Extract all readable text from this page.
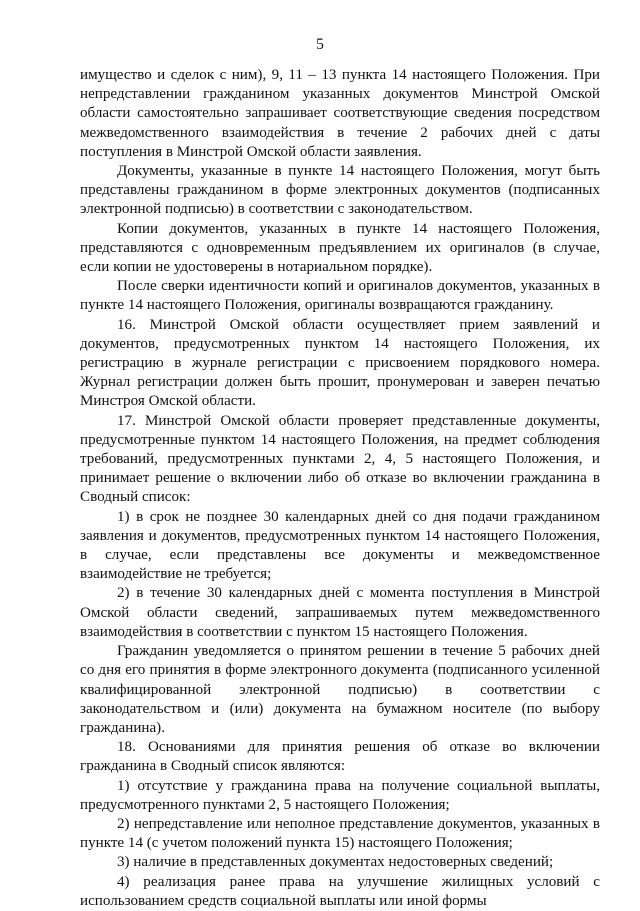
5

имущество и сделок с ним), 9, 11 – 13 пункта 14 настоящего Положения. При непредставлении гражданином указанных документов Минстрой Омской области самостоятельно запрашивает соответствующие сведения посредством межведомственного взаимодействия в течение 2 рабочих дней с даты поступления в Минстрой Омской области заявления.

Документы, указанные в пункте 14 настоящего Положения, могут быть представлены гражданином в форме электронных документов (подписанных электронной подписью) в соответствии с законодательством.

Копии документов, указанных в пункте 14 настоящего Положения, представляются с одновременным предъявлением их оригиналов (в случае, если копии не удостоверены в нотариальном порядке).

После сверки идентичности копий и оригиналов документов, указанных в пункте 14 настоящего Положения, оригиналы возвращаются гражданину.

16. Минстрой Омской области осуществляет прием заявлений и документов, предусмотренных пунктом 14 настоящего Положения, их регистрацию в журнале регистрации с присвоением порядкового номера. Журнал регистрации должен быть прошит, пронумерован и заверен печатью Минстроя Омской области.

17. Минстрой Омской области проверяет представленные документы, предусмотренные пунктом 14 настоящего Положения, на предмет соблюдения требований, предусмотренных пунктами 2, 4, 5 настоящего Положения, и принимает решение о включении либо об отказе во включении гражданина в Сводный список:

1) в срок не позднее 30 календарных дней со дня подачи гражданином заявления и документов, предусмотренных пунктом 14 настоящего Положения, в случае, если представлены все документы и межведомственное взаимодействие не требуется;

2) в течение 30 календарных дней с момента поступления в Минстрой Омской области сведений, запрашиваемых путем межведомственного взаимодействия в соответствии с пунктом 15 настоящего Положения.

Гражданин уведомляется о принятом решении в течение 5 рабочих дней со дня его принятия в форме электронного документа (подписанного усиленной квалифицированной электронной подписью) в соответствии с законодательством и (или) документа на бумажном носителе (по выбору гражданина).

18. Основаниями для принятия решения об отказе во включении гражданина в Сводный список являются:

1) отсутствие у гражданина права на получение социальной выплаты, предусмотренного пунктами 2, 5 настоящего Положения;

2) непредставление или неполное представление документов, указанных в пункте 14 (с учетом положений пункта 15) настоящего Положения;

3) наличие в представленных документах недостоверных сведений;

4) реализация ранее права на улучшение жилищных условий с использованием средств социальной выплаты или иной формы
